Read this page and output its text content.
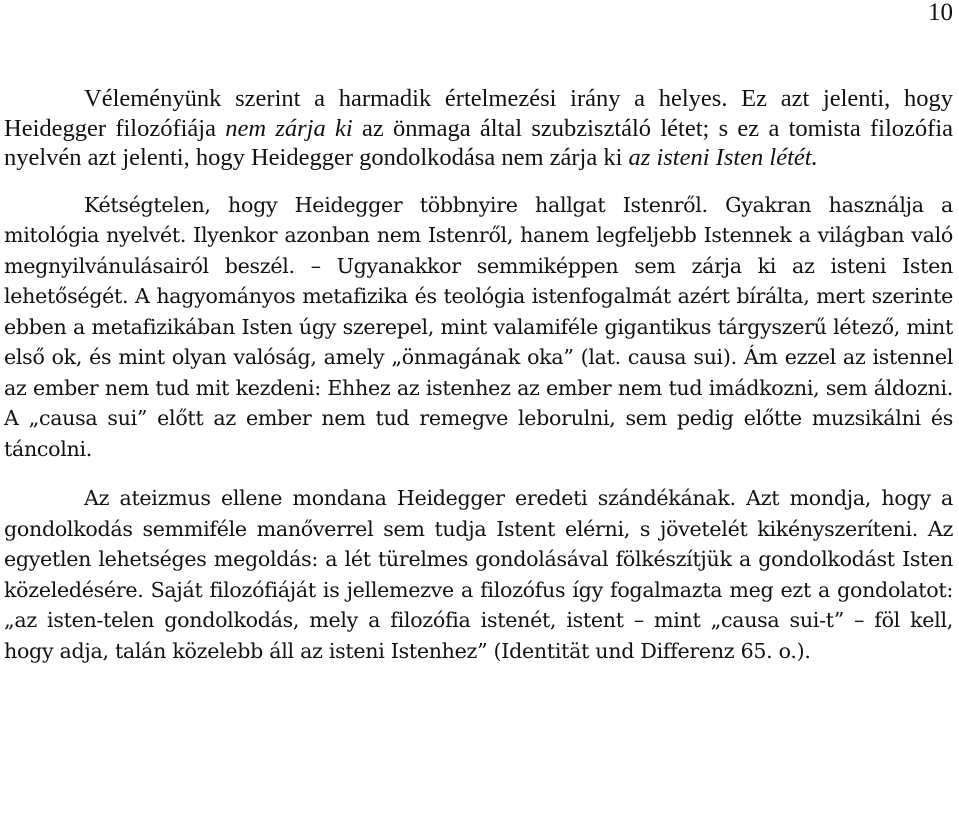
10

Véleményünk szerint a harmadik értelmezési irány a helyes. Ez azt jelenti, hogy Heidegger filozófiája nem zárja ki az önmaga által szubzisztáló létet; s ez a tomista filozófia nyelvén azt jelenti, hogy Heidegger gondolkodása nem zárja ki az isteni Isten létét.

Kétségtelen, hogy Heidegger többnyire hallgat Istenről. Gyakran használja a mitológia nyelvét. Ilyenkor azonban nem Istenről, hanem legfeljebb Istennek a világban való megnyilvánulásairól beszél. – Ugyanakkor semmiképpen sem zárja ki az isteni Isten lehetőségét. A hagyományos metafizika és teológia istenfogalmát azért bírálta, mert szerinte ebben a metafizikában Isten úgy szerepel, mint valamiféle gigantikus tárgyszerű létező, mint első ok, és mint olyan valóság, amely „önmagának oka” (lat. causa sui). Ám ezzel az istennel az ember nem tud mit kezdeni: Ehhez az istenhez az ember nem tud imádkozni, sem áldozni. A „causa sui” előtt az ember nem tud remegve leborulni, sem pedig előtte muzsikálni és táncolni.

Az ateizmus ellene mondana Heidegger eredeti szándékának. Azt mondja, hogy a gondolkodás semmiféle manőverrel sem tudja Istent elérni, s jövetelét kikényszeríteni. Az egyetlen lehetséges megoldás: a lét türelmes gondolásával fölkészítjük a gondolkodást Isten közeledésére. Saját filozófiáját is jellemezve a filozófus így fogalmazta meg ezt a gondolatot: „az isten-telen gondolkodás, mely a filozófia istenét, istent – mint „causa sui-t” – föl kell, hogy adja, talán közelebb áll az isteni Istenhez” (Identität und Differenz 65. o.).
